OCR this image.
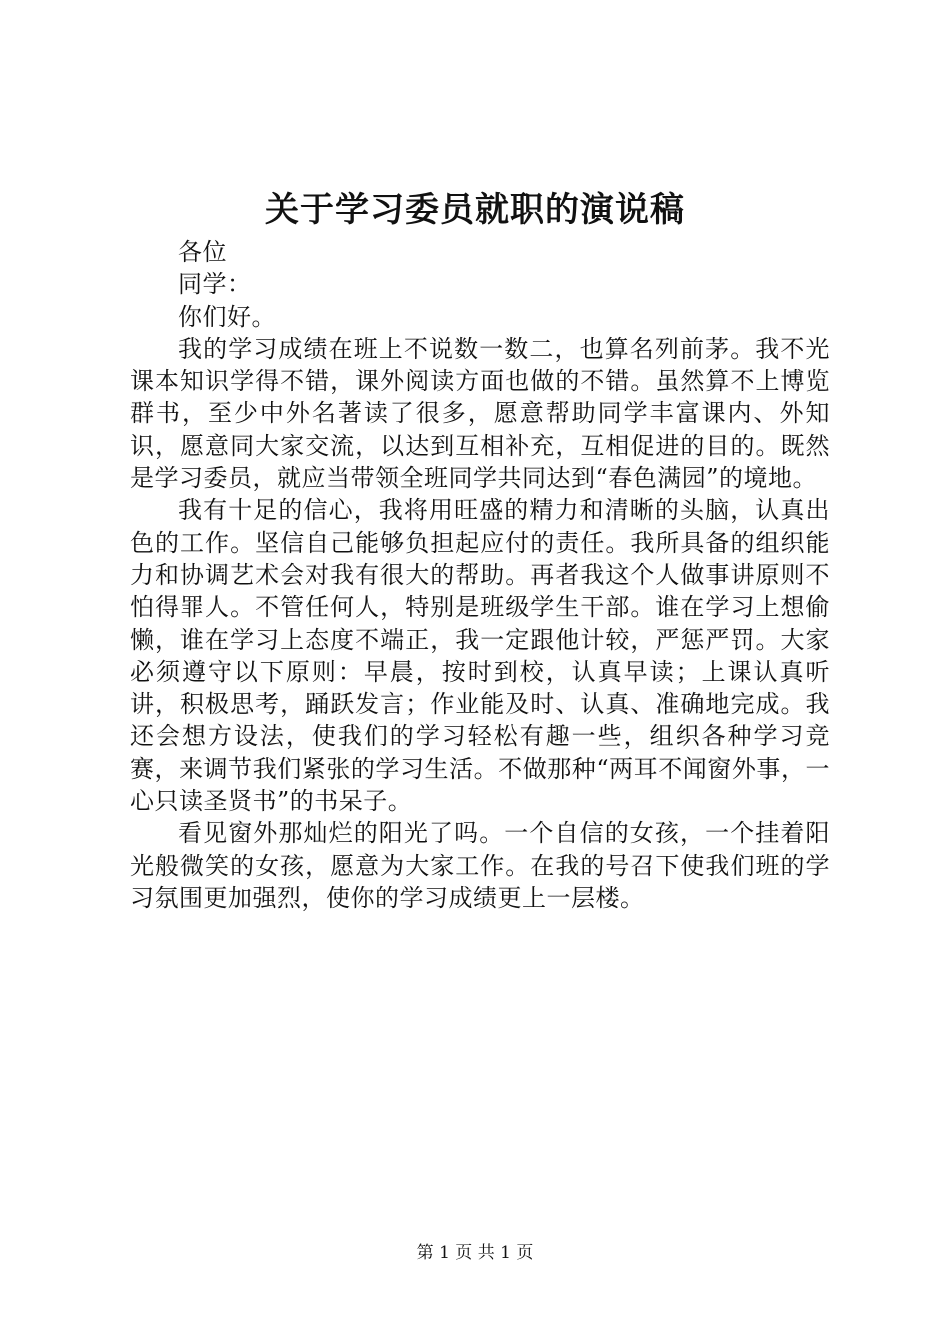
关于学习委员就职的演说稿

各位

同学：

你们好。

我的学习成绩在班上不说数一数二，也算名列前茅。我不光课本知识学得不错，课外阅读方面也做的不错。虽然算不上博览群书，至少中外名著读了很多，愿意帮助同学丰富课内、外知识，愿意同大家交流，以达到互相补充，互相促进的目的。既然是学习委员，就应当带领全班同学共同达到“春色满园”的境地。

我有十足的信心，我将用旺盛的精力和清晰的头脑，认真出色的工作。坚信自己能够负担起应付的责任。我所具备的组织能力和协调艺术会对我有很大的帮助。再者我这个人做事讲原则不怕得罪人。不管任何人，特别是班级学生干部。谁在学习上想偷懒，谁在学习上态度不端正，我一定跟他计较，严惩严罚。大家必须遵守以下原则：早晨，按时到校，认真早读；上课认真听讲，积极思考，踊跃发言；作业能及时、认真、准确地完成。我还会想方设法，使我们的学习轻松有趣一些，组织各种学习竞赛，来调节我们紧张的学习生活。不做那种“两耳不闻窗外事，一心只读圣贤书”的书呆子。

看见窗外那灿烂的阳光了吗。一个自信的女孩，一个挂着阳光般微笑的女孩，愿意为大家工作。在我的号召下使我们班的学习氛围更加强烈，使你的学习成绩更上一层楼。

第 1 页 共 1 页
